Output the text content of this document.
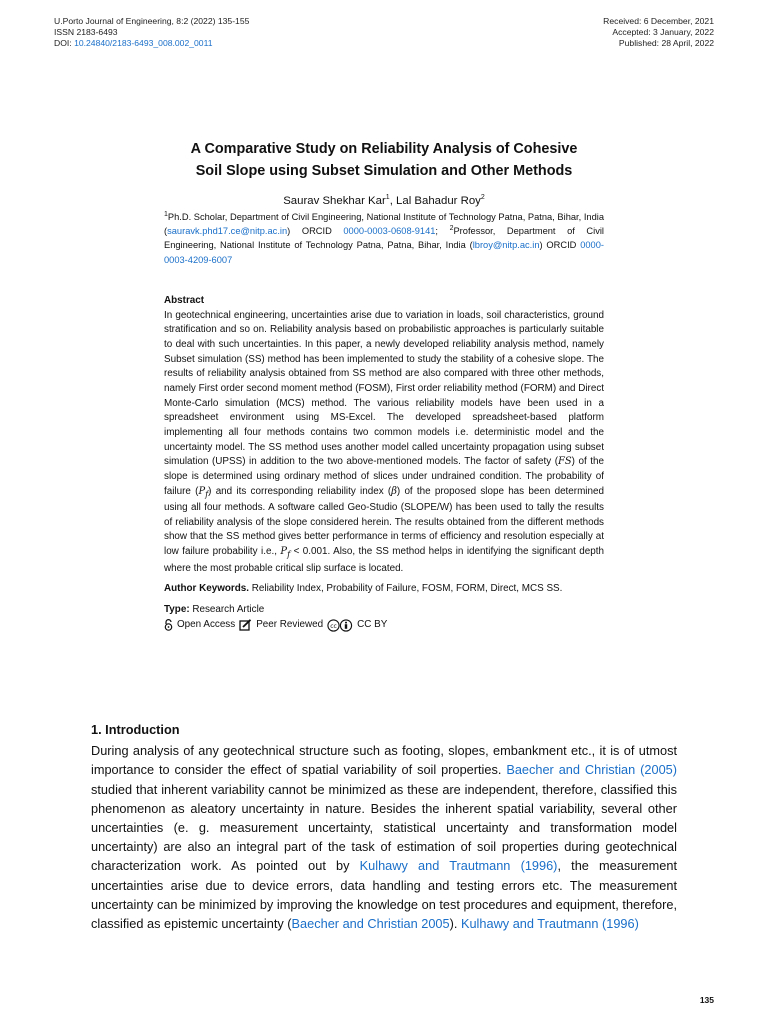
U.Porto Journal of Engineering, 8:2 (2022) 135-155
ISSN 2183-6493
DOI: 10.24840/2183-6493_008.002_0011
Received: 6 December, 2021
Accepted: 3 January, 2022
Published: 28 April, 2022
A Comparative Study on Reliability Analysis of Cohesive
Soil Slope using Subset Simulation and Other Methods
Saurav Shekhar Kar$^1$, Lal Bahadur Roy$^2$
$^1$Ph.D. Scholar, Department of Civil Engineering, National Institute of Technology Patna, Patna, Bihar, India (sauravk.phd17.ce@nitp.ac.in) ORCID 0000-0003-0608-9141; $^2$Professor, Department of Civil Engineering, National Institute of Technology Patna, Patna, Bihar, India (lbroy@nitp.ac.in) ORCID 0000-0003-4209-6007
Abstract

In geotechnical engineering, uncertainties arise due to variation in loads, soil characteristics, ground stratification and so on. Reliability analysis based on probabilistic approaches is particularly suitable to deal with such uncertainties. In this paper, a newly developed reliability analysis method, namely Subset simulation (SS) method has been implemented to study the stability of a cohesive slope. The results of reliability analysis obtained from SS method are also compared with three other methods, namely First order second moment method (FOSM), First order reliability method (FORM) and Direct Monte-Carlo simulation (MCS) method. The various reliability models have been used in a spreadsheet environment using MS-Excel. The developed spreadsheet-based platform implementing all four methods contains two common models i.e. deterministic model and the uncertainty model. The SS method uses another model called uncertainty propagation using subset simulation (UPSS) in addition to the two above-mentioned models. The factor of safety (FS) of the slope is determined using ordinary method of slices under undrained condition. The probability of failure $(P_f)$ and its corresponding reliability index (β) of the proposed slope has been determined using all four methods. A software called Geo-Studio (SLOPE/W) has been used to tally the results of reliability analysis of the slope considered herein. The results obtained from the different methods show that the SS method gives better performance in terms of efficiency and resolution especially at low failure probability i.e., $P_f < 0.001$. Also, the SS method helps in identifying the significant depth where the most probable critical slip surface is located.

Author Keywords. Reliability Index, Probability of Failure, FOSM, FORM, Direct, MCS SS.

Type: Research Article

Open Access Peer Reviewed cc CC BY
1. Introduction

During analysis of any geotechnical structure such as footing, slopes, embankment etc., it is of utmost importance to consider the effect of spatial variability of soil properties. Baecher and Christian (2005) studied that inherent variability cannot be minimized as these are independent, therefore, classified this phenomenon as aleatory uncertainty in nature. Besides the inherent spatial variability, several other uncertainties (e. g. measurement uncertainty, statistical uncertainty and transformation model uncertainty) are also an integral part of the task of estimation of soil properties during geotechnical characterization work. As pointed out by Kulhawy and Trautmann (1996), the measurement uncertainties arise due to device errors, data handling and testing errors etc. The measurement uncertainty can be minimized by improving the knowledge on test procedures and equipment, therefore, classified as epistemic uncertainty (Baecher and Christian 2005). Kulhawy and Trautmann (1996)

135
